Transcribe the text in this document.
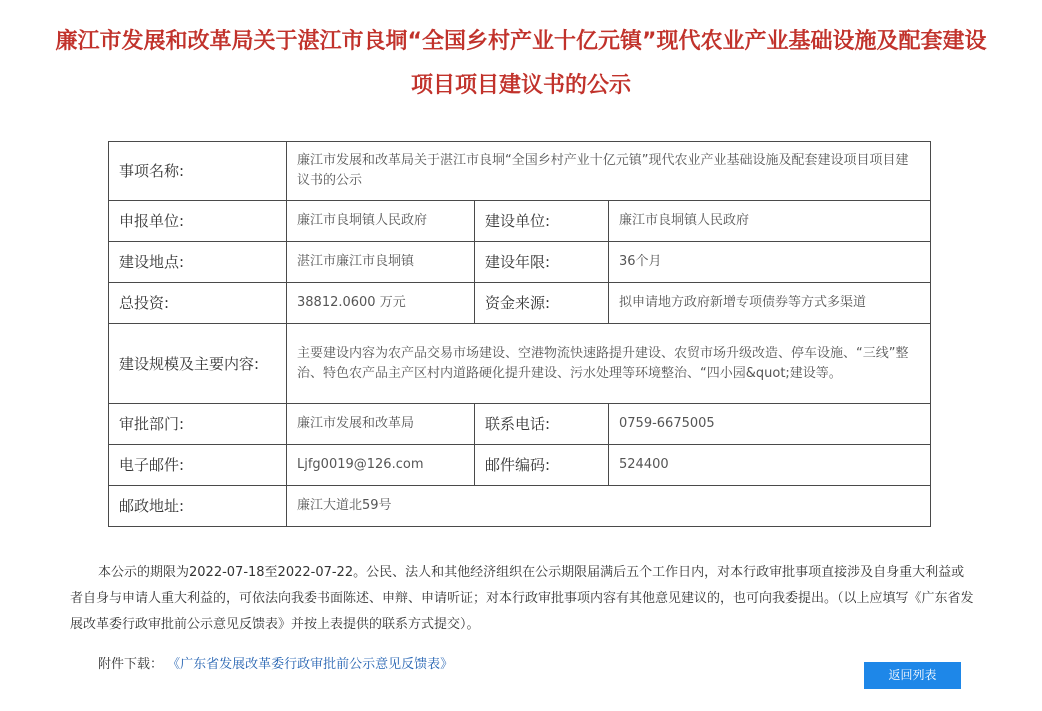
廉江市发展和改革局关于湛江市良垌“全国乡村产业十亿元镇”现代农业产业基础设施及配套建设
项目项目建议书的公示
事项名称:	廉江市发展和改革局关于湛江市良垌“全国乡村产业十亿元镇”现代农业产业基础设施及配套建设项目项目建议书的公示		
申报单位:	廉江市良垌镇人民政府	建设单位:	廉江市良垌镇人民政府
建设地点:	湛江市廉江市良垌镇	建设年限:	36个月
总投资:	38812.0600 万元	资金来源:	拟申请地方政府新增专项债券等方式多渠道
建设规模及主要内容:	主要建设内容为农产品交易市场建设、空港物流快速路提升建设、农贸市场升级改造、停车设施、“三线”整治、特色农产品主产区村内道路硬化提升建设、污水处理等环境整治、“四小园&quot;建设等。		
审批部门:	廉江市发展和改革局	联系电话:	0759-6675005
电子邮件:	Ljfg0019@126.com	邮件编码:	524400
邮政地址:	廉江大道北59号		

本公示的期限为2022-07-18至2022-07-22。公民、法人和其他经济组织在公示期限届满后五个工作日内，对本行政审批事项直接涉及自身重大利益或者自身与申请人重大利益的，可依法向我委书面陈述、申辩、申请听证；对本行政审批事项内容有其他意见建议的，也可向我委提出。（以上应填写《广东省发展改革委行政审批前公示意见反馈表》并按上表提供的联系方式提交）。

附件下载： 《广东省发展改革委行政审批前公示意见反馈表》
返回列表
